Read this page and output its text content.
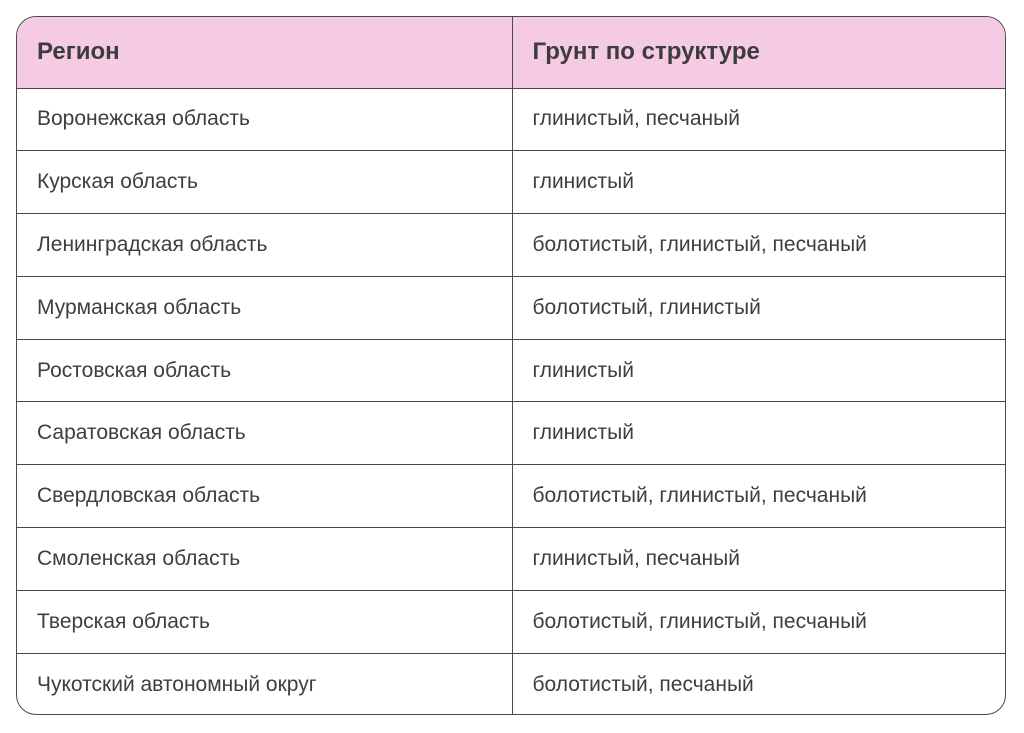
Регион	Грунт по структуре
Воронежская область	глинистый, песчаный
Курская область	глинистый
Ленинградская область	болотистый, глинистый, песчаный
Мурманская область	болотистый, глинистый
Ростовская область	глинистый
Саратовская область	глинистый
Свердловская область	болотистый, глинистый, песчаный
Смоленская область	глинистый, песчаный
Тверская область	болотистый, глинистый, песчаный
Чукотский автономный округ	болотистый, песчаный
